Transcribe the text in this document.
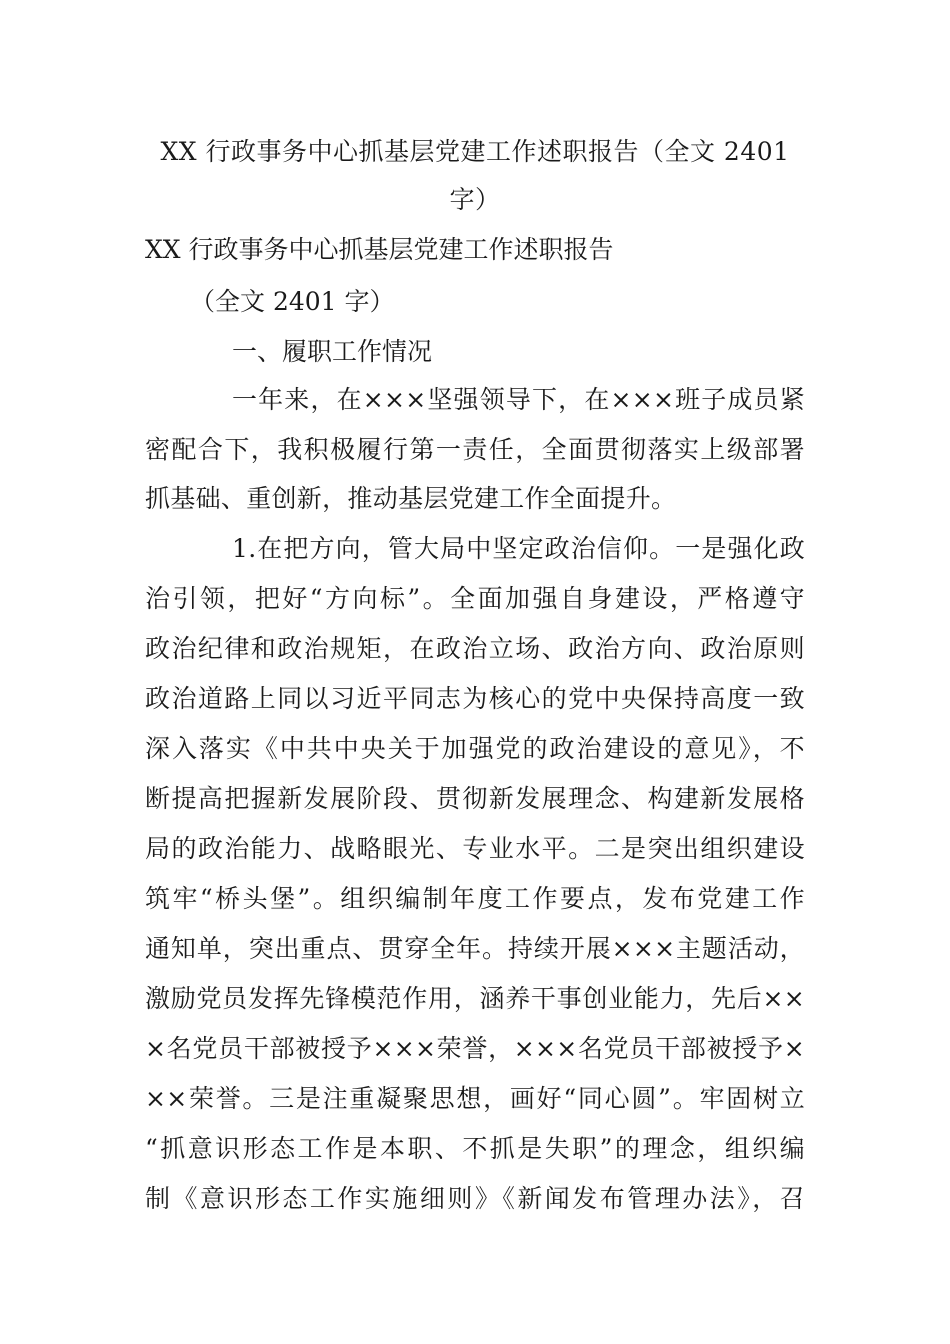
XX 行政事务中心抓基层党建工作述职报告（全文 2401 字）
XX 行政事务中心抓基层党建工作述职报告
（全文 2401 字）
一、履职工作情况
一年来，在×××坚强领导下，在×××班子成员紧
密配合下，我积极履行第一责任，全面贯彻落实上级部署
抓基础、重创新，推动基层党建工作全面提升。
1.在把方向，管大局中坚定政治信仰。一是强化政
治引领，把好“方向标”。全面加强自身建设，严格遵守
政治纪律和政治规矩，在政治立场、政治方向、政治原则
政治道路上同以习近平同志为核心的党中央保持高度一致
深入落实《中共中央关于加强党的政治建设的意见》，不
断提高把握新发展阶段、贯彻新发展理念、构建新发展格
局的政治能力、战略眼光、专业水平。二是突出组织建设
筑牢“桥头堡”。组织编制年度工作要点，发布党建工作
通知单，突出重点、贯穿全年。持续开展×××主题活动，
激励党员发挥先锋模范作用，涵养干事创业能力，先后××
×名党员干部被授予×××荣誉，×××名党员干部被授予×
××荣誉。三是注重凝聚思想，画好“同心圆”。牢固树立
“抓意识形态工作是本职、不抓是失职”的理念，组织编
制《意识形态工作实施细则》《新闻发布管理办法》，召
